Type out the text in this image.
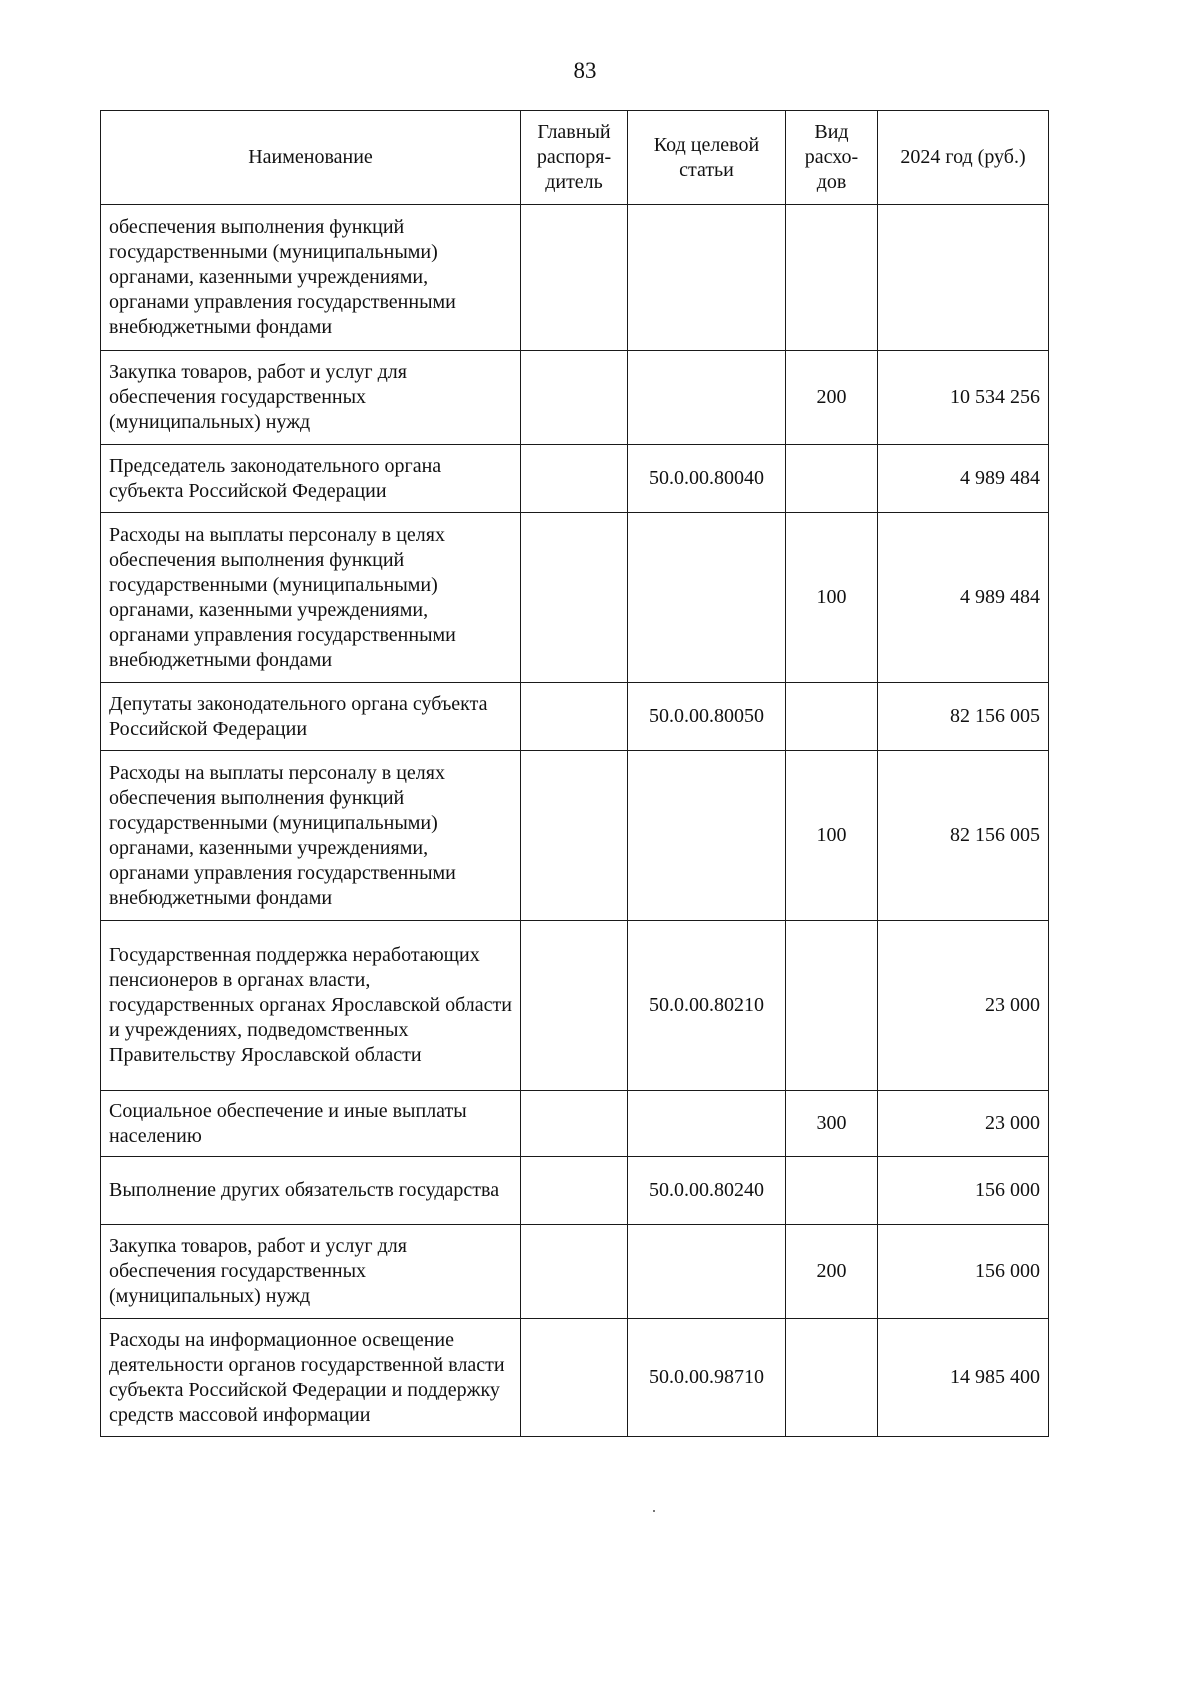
83
Наименование	Главный распоря-дитель	Код целевой статьи	Вид расхо-дов	2024 год (руб.)
обеспечения выполнения функций государственными (муниципальными) органами, казенными учреждениями, органами управления государственными внебюджетными фондами				
Закупка товаров, работ и услуг для обеспечения государственных (муниципальных) нужд			200	10 534 256
Председатель законодательного органа субъекта Российской Федерации		50.0.00.80040		4 989 484
Расходы на выплаты персоналу в целях обеспечения выполнения функций государственными (муниципальными) органами, казенными учреждениями, органами управления государственными внебюджетными фондами			100	4 989 484
Депутаты законодательного органа субъекта Российской Федерации		50.0.00.80050		82 156 005
Расходы на выплаты персоналу в целях обеспечения выполнения функций государственными (муниципальными) органами, казенными учреждениями, органами управления государственными внебюджетными фондами			100	82 156 005
Государственная поддержка неработающих пенсионеров в органах власти, государственных органах Ярославской области и учреждениях, подведомственных Правительству Ярославской области		50.0.00.80210		23 000
Социальное обеспечение и иные выплаты населению			300	23 000
Выполнение других обязательств государства		50.0.00.80240		156 000
Закупка товаров, работ и услуг для обеспечения государственных (муниципальных) нужд			200	156 000
Расходы на информационное освещение деятельности органов государственной власти субъекта Российской Федерации и поддержку средств массовой информации		50.0.00.98710		14 985 400
